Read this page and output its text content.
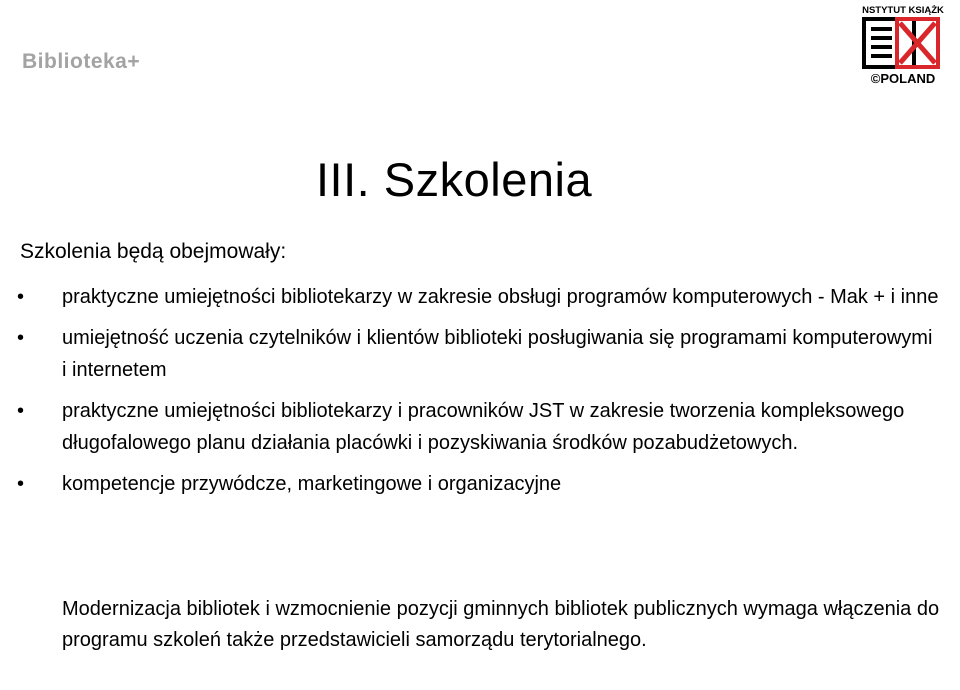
Biblioteka+
INSTYTUT KSIĄŻKI
©POLAND
III. Szkolenia
Szkolenia będą obejmowały:
• praktyczne umiejętności bibliotekarzy w zakresie obsługi programów komputerowych - Mak + i inne
• umiejętność uczenia czytelników i klientów biblioteki posługiwania się programami komputerowymi i internetem
• praktyczne umiejętności bibliotekarzy i pracowników JST w zakresie tworzenia kompleksowego długofalowego planu działania placówki i pozyskiwania środków pozabudżetowych.
• kompetencje przywódcze, marketingowe i organizacyjne

Modernizacja bibliotek i wzmocnienie pozycji gminnych bibliotek publicznych wymaga włączenia do programu szkoleń także przedstawicieli samorządu terytorialnego.
